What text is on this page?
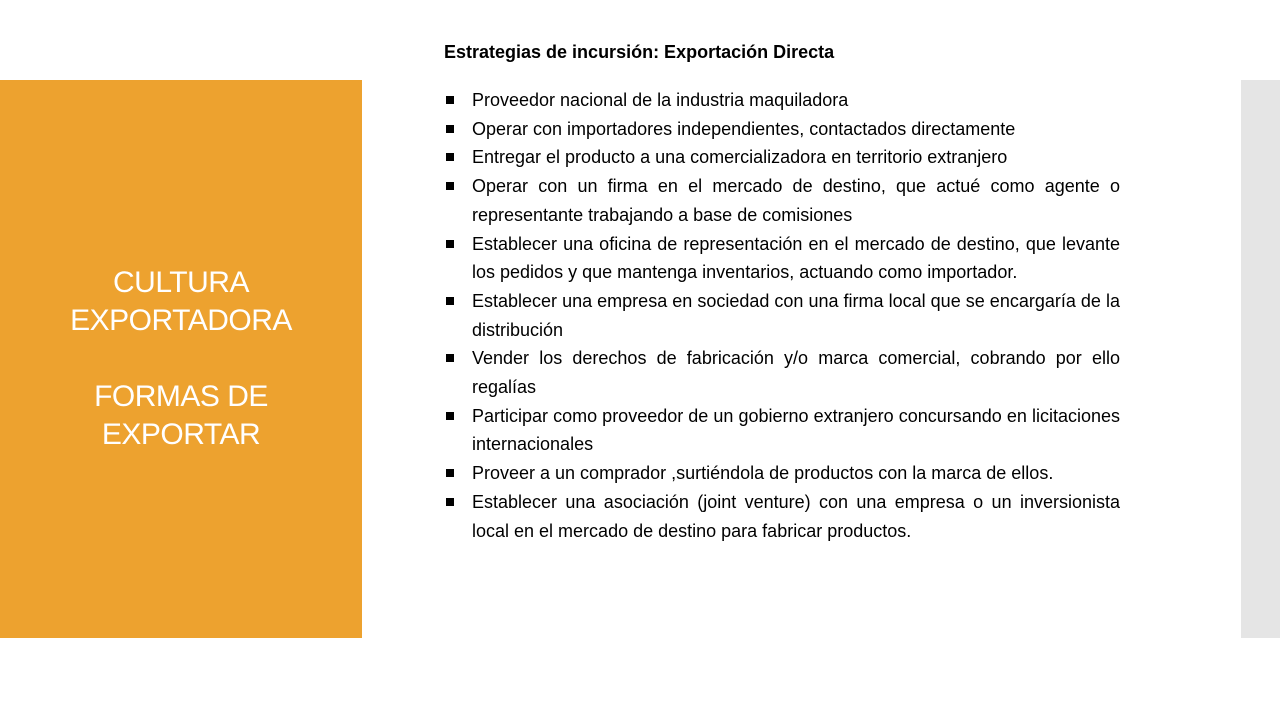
CULTURA
EXPORTADORA
FORMAS DE
EXPORTAR
Estrategias de incursión: Exportación Directa
Proveedor nacional de la industria maquiladora
Operar con importadores independientes, contactados directamente
Entregar el producto a una comercializadora en territorio extranjero
Operar con un firma en el mercado de destino, que actué como agente o representante trabajando a base de comisiones
Establecer una oficina de representación en el mercado de destino, que levante los pedidos y que mantenga inventarios, actuando como importador.
Establecer una empresa en sociedad con una firma local que se encargaría de la distribución
Vender los derechos de fabricación y/o marca comercial, cobrando por ello regalías
Participar como proveedor de un gobierno extranjero concursando en licitaciones internacionales
Proveer a un comprador ,surtiéndola de productos con la marca de ellos.
Establecer una asociación (joint venture) con una empresa o un inversionista local en el mercado de destino para fabricar productos.
